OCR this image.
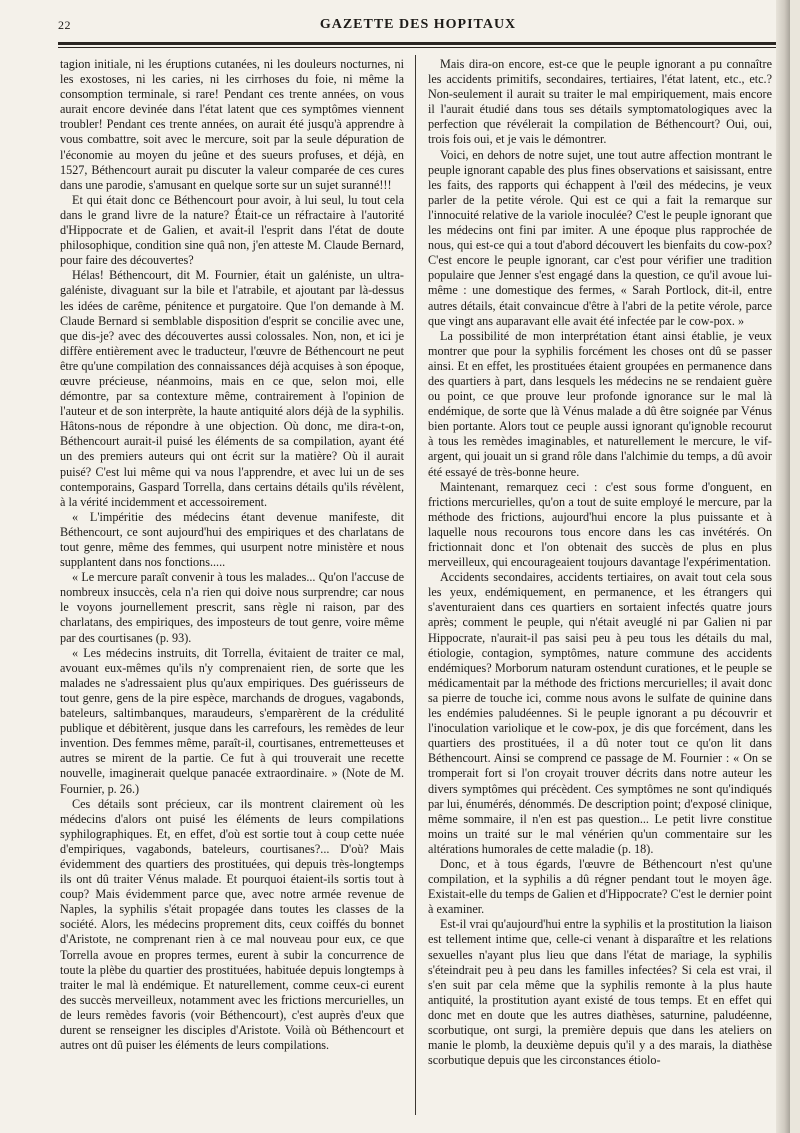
22	GAZETTE DES HOPITAUX

tagion initiale, ni les éruptions cutanées, ni les douleurs nocturnes, ni les exostoses, ni les caries, ni les cirrhoses du foie, ni même la consomption terminale, si rare! Pendant ces trente années, on vous aurait encore devinée dans l'état latent que ces symptômes viennent troubler! Pendant ces trente années, on aurait été jusqu'à apprendre à vous combattre, soit avec le mercure, soit par la seule dépuration de l'économie au moyen du jeûne et des sueurs profuses, et déjà, en 1527, Béthencourt aurait pu discuter la valeur comparée de ces cures dans une parodie, s'amusant en quelque sorte sur un sujet suranné!!!

Et qui était donc ce Béthencourt pour avoir, à lui seul, lu tout cela dans le grand livre de la nature? Était-ce un réfractaire à l'autorité d'Hippocrate et de Galien, et avait-il l'esprit dans l'état de doute philosophique, condition sine quâ non, j'en atteste M. Claude Bernard, pour faire des découvertes?

Hélas! Béthencourt, dit M. Fournier, était un galéniste, un ultra-galéniste, divaguant sur la bile et l'atrabile, et ajoutant par là-dessus les idées de carême, pénitence et purgatoire. Que l'on demande à M. Claude Bernard si semblable disposition d'esprit se concilie avec une, que dis-je? avec des découvertes aussi colossales. Non, non, et ici je diffère entièrement avec le traducteur, l'œuvre de Béthencourt ne peut être qu'une compilation des connaissances déjà acquises à son époque, œuvre précieuse, néanmoins, mais en ce que, selon moi, elle démontre, par sa contexture même, contrairement à l'opinion de l'auteur et de son interprète, la haute antiquité alors déjà de la syphilis. Hâtons-nous de répondre à une objection. Où donc, me dira-t-on, Béthencourt aurait-il puisé les éléments de sa compilation, ayant été un des premiers auteurs qui ont écrit sur la matière? Où il aurait puisé? C'est lui même qui va nous l'apprendre, et avec lui un de ses contemporains, Gaspard Torrella, dans certains détails qu'ils révèlent, à la vérité incidemment et accessoirement.

« L'impéritie des médecins étant devenue manifeste, dit Béthencourt, ce sont aujourd'hui des empiriques et des charlatans de tout genre, même des femmes, qui usurpent notre ministère et nous supplantent dans nos fonctions.....

« Le mercure paraît convenir à tous les malades... Qu'on l'accuse de nombreux insuccès, cela n'a rien qui doive nous surprendre; car nous le voyons journellement prescrit, sans règle ni raison, par des charlatans, des empiriques, des imposteurs de tout genre, voire même par des courtisanes (p. 93).

« Les médecins instruits, dit Torrella, évitaient de traiter ce mal, avouant eux-mêmes qu'ils n'y comprenaient rien, de sorte que les malades ne s'adressaient plus qu'aux empiriques. Des guérisseurs de tout genre, gens de la pire espèce, marchands de drogues, vagabonds, bateleurs, saltimbanques, maraudeurs, s'emparèrent de la crédulité publique et débitèrent, jusque dans les carrefours, les remèdes de leur invention. Des femmes même, paraît-il, courtisanes, entremetteuses et autres se mirent de la partie. Ce fut à qui trouverait une recette nouvelle, imaginerait quelque panacée extraordinaire. » (Note de M. Fournier, p. 26.)

Ces détails sont précieux, car ils montrent clairement où les médecins d'alors ont puisé les éléments de leurs compilations syphilographiques. Et, en effet, d'où est sortie tout à coup cette nuée d'empiriques, vagabonds, bateleurs, courtisanes?... D'où? Mais évidemment des quartiers des prostituées, qui depuis très-longtemps ils ont dû traiter Vénus malade. Et pourquoi étaient-ils sortis tout à coup? Mais évidemment parce que, avec notre armée revenue de Naples, la syphilis s'était propagée dans toutes les classes de la société. Alors, les médecins proprement dits, ceux coiffés du bonnet d'Aristote, ne comprenant rien à ce mal nouveau pour eux, ce que Torrella avoue en propres termes, eurent à subir la concurrence de toute la plèbe du quartier des prostituées, habituée depuis longtemps à traiter le mal là endémique. Et naturellement, comme ceux-ci eurent des succès merveilleux, notamment avec les frictions mercurielles, un de leurs remèdes favoris (voir Béthencourt), c'est auprès d'eux que durent se renseigner les disciples d'Aristote. Voilà où Béthencourt et autres ont dû puiser les éléments de leurs compilations.

Mais dira-on encore, est-ce que le peuple ignorant a pu connaître les accidents primitifs, secondaires, tertiaires, l'état latent, etc., etc.? Non-seulement il aurait su traiter le mal empiriquement, mais encore il l'aurait étudié dans tous ses détails symptomatologiques avec la perfection que révélerait la compilation de Béthencourt? Oui, oui, trois fois oui, et je vais le démontrer.

Voici, en dehors de notre sujet, une tout autre affection montrant le peuple ignorant capable des plus fines observations et saisissant, entre les faits, des rapports qui échappent à l'œil des médecins, je veux parler de la petite vérole. Qui est ce qui a fait la remarque sur l'innocuité relative de la variole inoculée? C'est le peuple ignorant que les médecins ont fini par imiter. A une époque plus rapprochée de nous, qui est-ce qui a tout d'abord découvert les bienfaits du cow-pox? C'est encore le peuple ignorant, car c'est pour vérifier une tradition populaire que Jenner s'est engagé dans la question, ce qu'il avoue lui-même : une domestique des fermes, « Sarah Portlock, dit-il, entre autres détails, était convaincue d'être à l'abri de la petite vérole, parce que vingt ans auparavant elle avait été infectée par le cow-pox. »

La possibilité de mon interprétation étant ainsi établie, je veux montrer que pour la syphilis forcément les choses ont dû se passer ainsi. Et en effet, les prostituées étaient groupées en permanence dans des quartiers à part, dans lesquels les médecins ne se rendaient guère ou point, ce que prouve leur profonde ignorance sur le mal là endémique, de sorte que là Vénus malade a dû être soignée par Vénus bien portante. Alors tout ce peuple aussi ignorant qu'ignoble recourut à tous les remèdes imaginables, et naturellement le mercure, le vif-argent, qui jouait un si grand rôle dans l'alchimie du temps, a dû avoir été essayé de très-bonne heure.

Maintenant, remarquez ceci : c'est sous forme d'onguent, en frictions mercurielles, qu'on a tout de suite employé le mercure, par la méthode des frictions, aujourd'hui encore la plus puissante et à laquelle nous recourons tous encore dans les cas invétérés. On frictionnait donc et l'on obtenait des succès de plus en plus merveilleux, qui encourageaient toujours davantage l'expérimentation.

Accidents secondaires, accidents tertiaires, on avait tout cela sous les yeux, endémiquement, en permanence, et les étrangers qui s'aventuraient dans ces quartiers en sortaient infectés quatre jours après; comment le peuple, qui n'était aveuglé ni par Galien ni par Hippocrate, n'aurait-il pas saisi peu à peu tous les détails du mal, étiologie, contagion, symptômes, nature commune des accidents endémiques? Morborum naturam ostendunt curationes, et le peuple se médicamentait par la méthode des frictions mercurielles; il avait donc sa pierre de touche ici, comme nous avons le sulfate de quinine dans les endémies paludéennes. Si le peuple ignorant a pu découvrir et l'inoculation variolique et le cow-pox, je dis que forcément, dans les quartiers des prostituées, il a dû noter tout ce qu'on lit dans Béthencourt. Ainsi se comprend ce passage de M. Fournier : « On se tromperait fort si l'on croyait trouver décrits dans notre auteur les divers symptômes qui précèdent. Ces symptômes ne sont qu'indiqués par lui, énumérés, dénommés. De description point; d'exposé clinique, même sommaire, il n'en est pas question... Le petit livre constitue moins un traité sur le mal vénérien qu'un commentaire sur les altérations humorales de cette maladie (p. 18).

Donc, et à tous égards, l'œuvre de Béthencourt n'est qu'une compilation, et la syphilis a dû régner pendant tout le moyen âge. Existait-elle du temps de Galien et d'Hippocrate? C'est le dernier point à examiner.

Est-il vrai qu'aujourd'hui entre la syphilis et la prostitution la liaison est tellement intime que, celle-ci venant à disparaître et les relations sexuelles n'ayant plus lieu que dans l'état de mariage, la syphilis s'éteindrait peu à peu dans les familles infectées? Si cela est vrai, il s'en suit par cela même que la syphilis remonte à la plus haute antiquité, la prostitution ayant existé de tous temps. Et en effet qui donc met en doute que les autres diathèses, saturnine, paludéenne, scorbutique, ont surgi, la première depuis que dans les ateliers on manie le plomb, la deuxième depuis qu'il y a des marais, la diathèse scorbutique depuis que les circonstances étiolo-
